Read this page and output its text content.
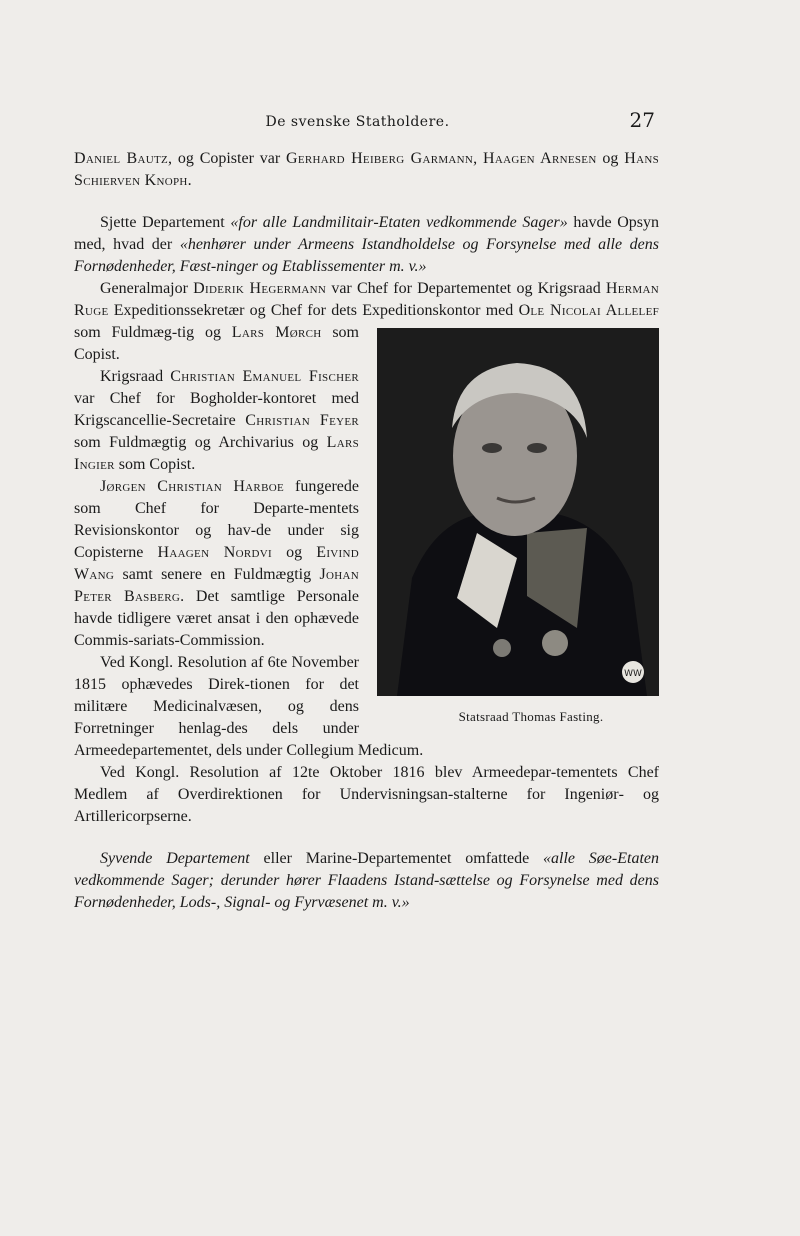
De svenske Statholdere.	27

Daniel Bautz, og Copister var Gerhard Heiberg Garmann, Haagen Arnesen og Hans Schierven Knoph.

Sjette Departement «for alle Landmilitair‐Etaten vedkommende Sager» havde Opsyn med, hvad der «henhører under Armeens Istandholdelse og Forsynelse med alle dens Fornødenheder, Fæst‐ninger og Etablissementer m. v.»

Generalmajor Diderik Hegermann var Chef for Departementet og Krigsraad Herman Ruge Expeditionssekretær og Chef for dets Expeditionskontor med
WW
Statsraad Thomas Fasting.
Ole Nicolai Allelef som Fuldmæg‐tig og Lars Mørch som Copist.

Krigsraad Christian Emanuel Fischer var Chef for Bogholder‐kontoret med Krigscancellie‐Secretaire Christian Feyer som Fuldmægtig og Archivarius og Lars Ingier som Copist.

Jørgen Christian Harboe fungerede som Chef for Departe‐mentets Revisionskontor og hav‐de under sig Copisterne Haagen Nordvi og Eivind Wang samt senere en Fuldmægtig Johan Peter Basberg. Det samtlige Personale havde tidligere været ansat i den ophævede Commis‐sariats‐Commission.

Ved Kongl. Resolution af 6te November 1815 ophævedes Direk‐tionen for det militære Medicinalvæsen, og dens Forretninger henlag‐des dels under Armeedepartementet, dels under Collegium Medicum.

Ved Kongl. Resolution af 12te Oktober 1816 blev Armeedepar‐tementets Chef Medlem af Overdirektionen for Undervisningsan‐stalterne for Ingeniør‐ og Artillericorpserne.

Syvende Departement eller Marine‐Departementet omfattede «alle Søe‐Etaten vedkommende Sager; derunder hører Flaadens Istand‐sættelse og Forsynelse med dens Fornødenheder, Lods‐, Signal‐ og Fyrvæsenet m. v.»
